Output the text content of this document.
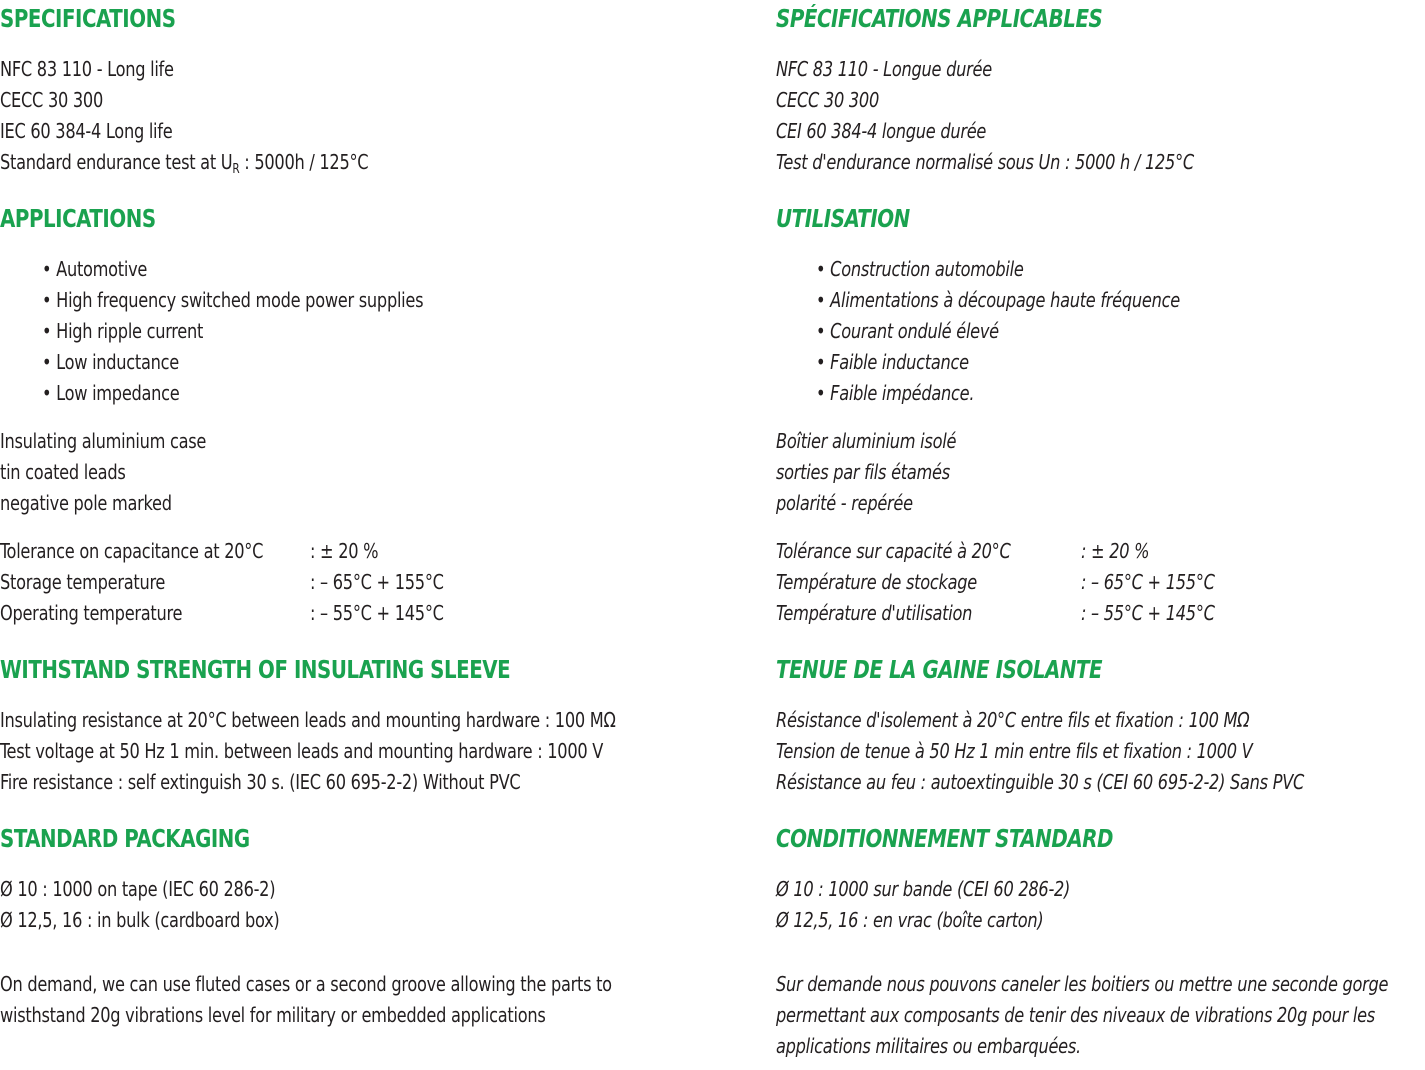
SPECIFICATIONS
NFC 83 110 - Long life
CECC 30 300
IEC 60 384-4 Long life
Standard endurance test at $U_R$ : 5000h / 125°C
APPLICATIONS
• Automotive
• High frequency switched mode power supplies
• High ripple current
• Low inductance
• Low impedance
Insulating aluminium case
tin coated leads
negative pole marked
Tolerance on capacitance at 20°C : ± 20 %
Storage temperature	: – 65°C + 155°C
Operating temperature	: – 55°C + 145°C
WITHSTAND STRENGTH OF INSULATING SLEEVE
Insulating resistance at 20°C between leads and mounting hardware : 100 MΩ
Test voltage at 50 Hz 1 min. between leads and mounting hardware : 1000 V
Fire resistance : self extinguish 30 s. (IEC 60 695-2-2) Without PVC
STANDARD PACKAGING
Ø 10 : 1000 on tape (IEC 60 286-2)
Ø 12,5, 16 : in bulk (cardboard box)
On demand, we can use fluted cases or a second groove allowing the parts to
wisthstand 20g vibrations level for military or embedded applications
SPÉCIFICATIONS APPLICABLES
NFC 83 110 - Longue durée
CECC 30 300
CEI 60 384-4 longue durée
Test d'endurance normalisé sous Un : 5000 h / 125°C
UTILISATION
• Construction automobile
• Alimentations à découpage haute fréquence
• Courant ondulé élevé
• Faible inductance
• Faible impédance.
Boîtier aluminium isolé
sorties par fils étamés
polarité - repérée
Tolérance sur capacité à 20°C	: ± 20 %
Température de stockage	: – 65°C + 155°C
Température d'utilisation	: – 55°C + 145°C
TENUE DE LA GAINE ISOLANTE
Résistance d'isolement à 20°C entre fils et fixation : 100 MΩ
Tension de tenue à 50 Hz 1 min entre fils et fixation : 1000 V
Résistance au feu : autoextinguible 30 s (CEI 60 695-2-2) Sans PVC
CONDITIONNEMENT STANDARD
Ø 10 : 1000 sur bande (CEI 60 286-2)
Ø 12,5, 16 : en vrac (boîte carton)
Sur demande nous pouvons caneler les boitiers ou mettre une seconde gorge
permettant aux composants de tenir des niveaux de vibrations 20g pour les
applications militaires ou embarquées.
